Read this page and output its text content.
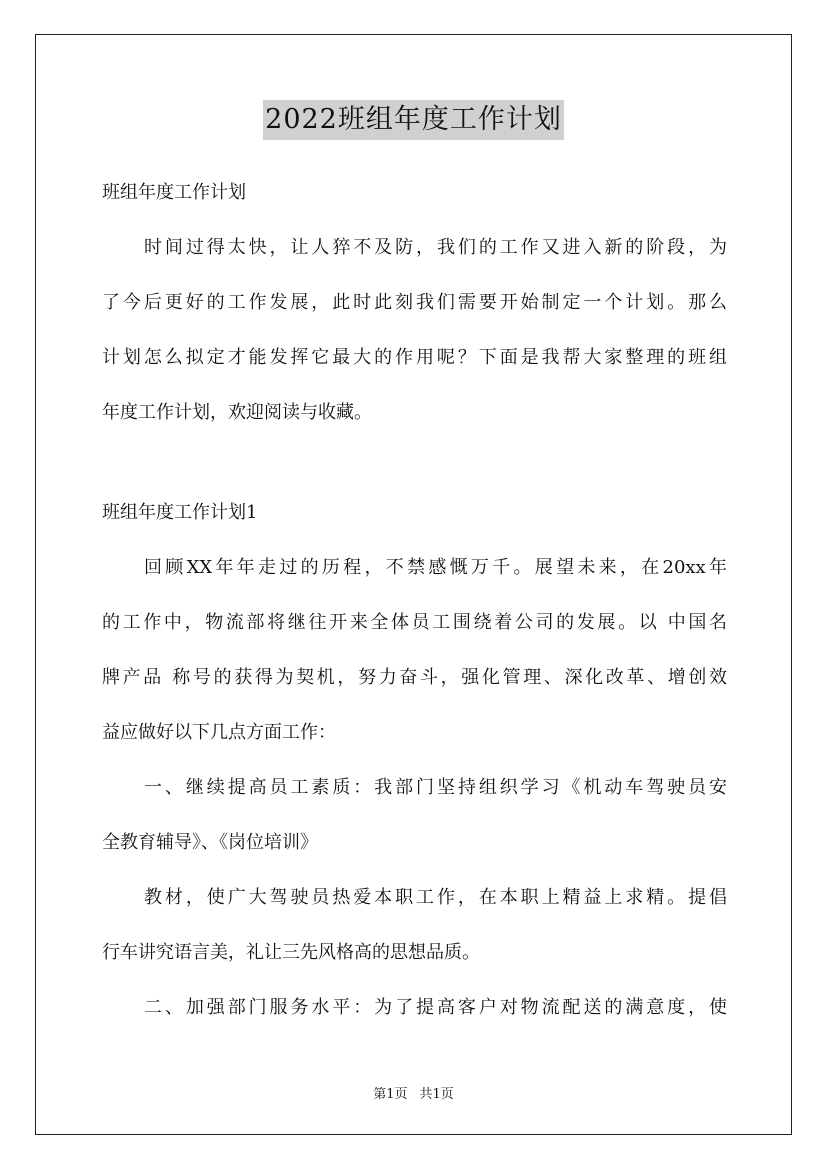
2022班组年度工作计划
班组年度工作计划
时间过得太快，让人猝不及防，我们的工作又进入新的阶段，为
了今后更好的工作发展，此时此刻我们需要开始制定一个计划。那么
计划怎么拟定才能发挥它最大的作用呢？下面是我帮大家整理的班组
年度工作计划，欢迎阅读与收藏。
班组年度工作计划1
回顾XX年年走过的历程，不禁感慨万千。展望未来，在20xx年
的工作中，物流部将继往开来全体员工围绕着公司的发展。以 中国名
牌产品 称号的获得为契机，努力奋斗，强化管理、深化改革、增创效
益应做好以下几点方面工作：
一、继续提高员工素质：我部门坚持组织学习《机动车驾驶员安
全教育辅导》、《岗位培训》
教材，使广大驾驶员热爱本职工作，在本职上精益上求精。提倡
行车讲究语言美，礼让三先风格高的思想品质。
二、加强部门服务水平：为了提高客户对物流配送的满意度，使
第1页 共1页
